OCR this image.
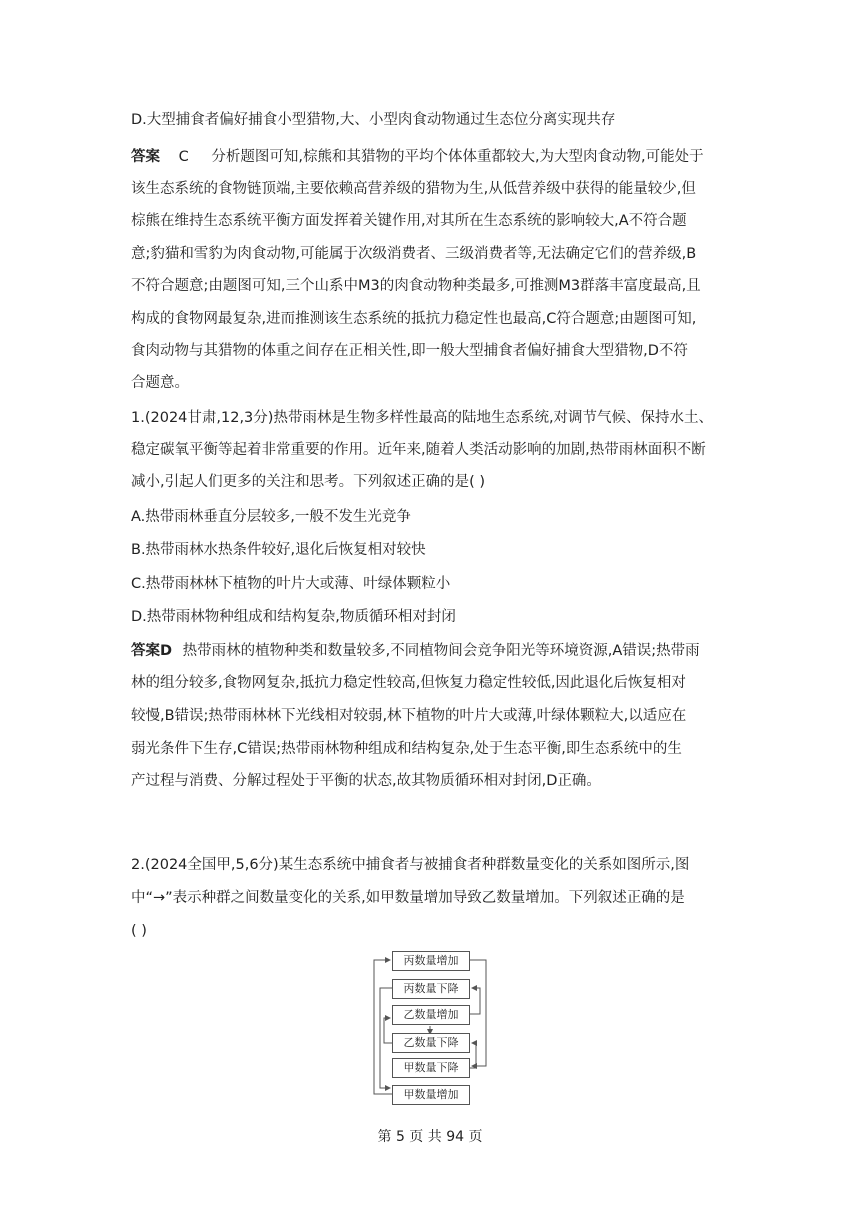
D.大型捕食者偏好捕食小型猎物,大、小型肉食动物通过生态位分离实现共存
答案 C 分析题图可知,棕熊和其猎物的平均个体体重都较大,为大型肉食动物,可能处于
该生态系统的食物链顶端,主要依赖高营养级的猎物为生,从低营养级中获得的能量较少,但
棕熊在维持生态系统平衡方面发挥着关键作用,对其所在生态系统的影响较大,A不符合题
意;豹猫和雪豹为肉食动物,可能属于次级消费者、三级消费者等,无法确定它们的营养级,B
不符合题意;由题图可知,三个山系中M3的肉食动物种类最多,可推测M3群落丰富度最高,且
构成的食物网最复杂,进而推测该生态系统的抵抗力稳定性也最高,C符合题意;由题图可知,
食肉动物与其猎物的体重之间存在正相关性,即一般大型捕食者偏好捕食大型猎物,D不符
合题意。
1.(2024甘肃,12,3分)热带雨林是生物多样性最高的陆地生态系统,对调节气候、保持水土、
稳定碳氧平衡等起着非常重要的作用。近年来,随着人类活动影响的加剧,热带雨林面积不断
减小,引起人们更多的关注和思考。下列叙述正确的是( )
A.热带雨林垂直分层较多,一般不发生光竞争
B.热带雨林水热条件较好,退化后恢复相对较快
C.热带雨林林下植物的叶片大或薄、叶绿体颗粒小
D.热带雨林物种组成和结构复杂,物质循环相对封闭
答案D 热带雨林的植物种类和数量较多,不同植物间会竞争阳光等环境资源,A错误;热带雨
林的组分较多,食物网复杂,抵抗力稳定性较高,但恢复力稳定性较低,因此退化后恢复相对
较慢,B错误;热带雨林林下光线相对较弱,林下植物的叶片大或薄,叶绿体颗粒大,以适应在
弱光条件下生存,C错误;热带雨林物种组成和结构复杂,处于生态平衡,即生态系统中的生
产过程与消费、分解过程处于平衡的状态,故其物质循环相对封闭,D正确。
2.(2024全国甲,5,6分)某生态系统中捕食者与被捕食者种群数量变化的关系如图所示,图
中“→”表示种群之间数量变化的关系,如甲数量增加导致乙数量增加。下列叙述正确的是
( )
丙数量增加
丙数量下降
乙数量增加
乙数量下降
甲数量下降
甲数量增加
第 5 页 共 94 页
